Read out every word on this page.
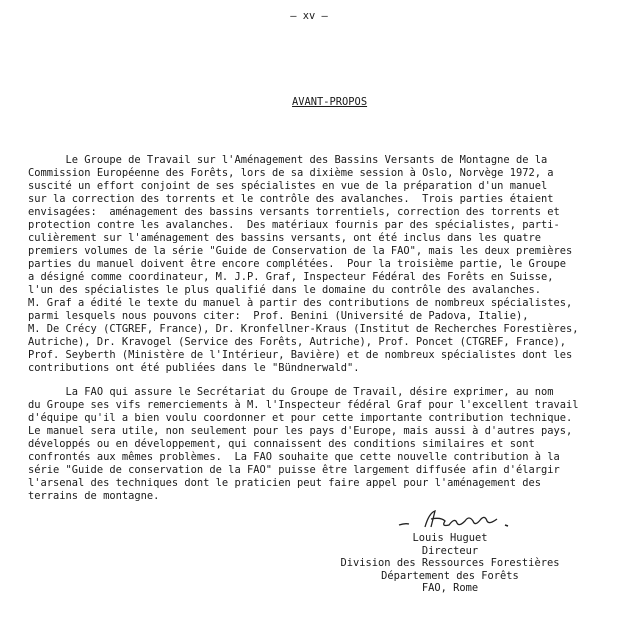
– xv –
AVANT-PROPOS
Le Groupe de Travail sur l'Aménagement des Bassins Versants de Montagne de la
Commission Européenne des Forêts, lors de sa dixième session à Oslo, Norvège 1972, a
suscité un effort conjoint de ses spécialistes en vue de la préparation d'un manuel
sur la correction des torrents et le contrôle des avalanches.  Trois parties étaient
envisagées:  aménagement des bassins versants torrentiels, correction des torrents et
protection contre les avalanches.  Des matériaux fournis par des spécialistes, parti-
culièrement sur l'aménagement des bassins versants, ont été inclus dans les quatre
premiers volumes de la série "Guide de Conservation de la FAO", mais les deux premières
parties du manuel doivent être encore complétées.  Pour la troisième partie, le Groupe
a désigné comme coordinateur, M. J.P. Graf, Inspecteur Fédéral des Forêts en Suisse,
l'un des spécialistes le plus qualifié dans le domaine du contrôle des avalanches.
M. Graf a édité le texte du manuel à partir des contributions de nombreux spécialistes,
parmi lesquels nous pouvons citer:  Prof. Benini (Université de Padova, Italie),
M. De Crécy (CTGREF, France), Dr. Kronfellner-Kraus (Institut de Recherches Forestières,
Autriche), Dr. Kravogel (Service des Forêts, Autriche), Prof. Poncet (CTGREF, France),
Prof. Seyberth (Ministère de l'Intérieur, Bavière) et de nombreux spécialistes dont les
contributions ont été publiées dans le "Bündnerwald".
La FAO qui assure le Secrétariat du Groupe de Travail, désire exprimer, au nom
du Groupe ses vifs remerciements à M. l'Inspecteur fédéral Graf pour l'excellent travail
d'équipe qu'il a bien voulu coordonner et pour cette importante contribution technique.
Le manuel sera utile, non seulement pour les pays d'Europe, mais aussi à d'autres pays,
développés ou en développement, qui connaissent des conditions similaires et sont
confrontés aux mêmes problèmes.  La FAO souhaite que cette nouvelle contribution à la
série "Guide de conservation de la FAO" puisse être largement diffusée afin d'élargir
l'arsenal des techniques dont le praticien peut faire appel pour l'aménagement des
terrains de montagne.
Louis Huguet
Directeur
Division des Ressources Forestières
Département des Forêts
FAO, Rome
